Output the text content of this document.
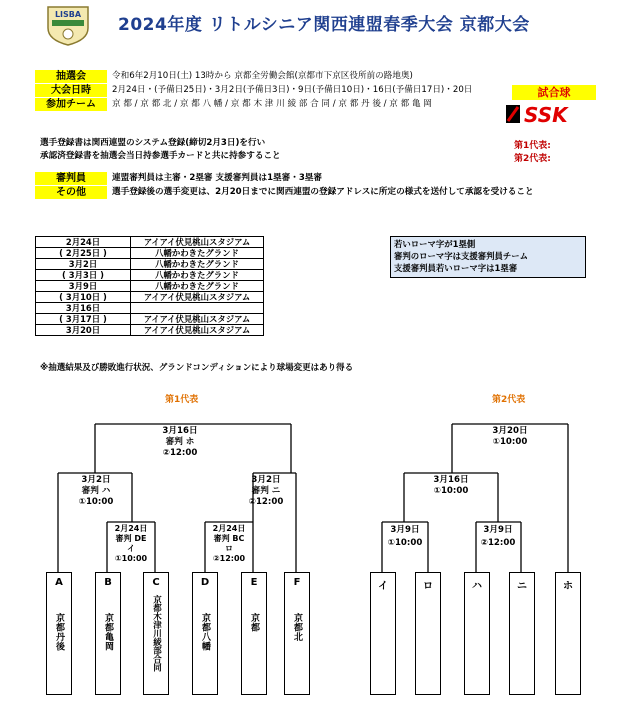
LISBA
2024年度 リトルシニア関西連盟春季大会 京都大会
抽選会	令和6年2月10日(土) 13時から 京都全労働会館(京都市下京区役所前の路地奥)
大会日時	2月24日・(予備日25日)・3月2日(予備日3日)・9日(予備日10日)・16日(予備日17日)・20日
参加チーム	京 都 / 京 都 北 / 京 都 八 幡 / 京 都 木 津 川 綾 部 合 同 / 京 都 丹 後 / 京 都 亀 岡
試合球
SSK
選手登録書は関西連盟のシステム登録(締切2月3日)を行い
承認済登録書を抽選会当日持参選手カードと共に持参すること
第1代表:
第2代表:
審判員	連盟審判員は主審・2塁審 支援審判員は1塁審・3塁審
その他	選手登録後の選手変更は、2月20日までに関西連盟の登録アドレスに所定の様式を送付して承認を受けること
2月24日	アイアイ伏見桃山スタジアム
( 2月25日 )	八幡かわきたグランド
3月2日	八幡かわきたグランド
( 3月3日 )	八幡かわきたグランド
3月9日	八幡かわきたグランド
( 3月10日 )	アイアイ伏見桃山スタジアム
3月16日	
( 3月17日 )	アイアイ伏見桃山スタジアム
3月20日	アイアイ伏見桃山スタジアム
若いローマ字が1塁側
審判のローマ字は支援審判員チーム
支援審判員若いローマ字は1塁審
※抽選結果及び勝敗進行状況、グランドコンディションにより球場変更はあり得る
第1代表
3月16日
審判 ホ
②12:00
3月2日
審判 ハ
①10:00
3月2日
審判 ニ
②12:00
2月24日
審判 DE
イ
①10:00
2月24日
審判 BC
ロ
②12:00
A
京都丹後
B
京都亀岡
C
京都木津川綾部合同
D
京都八幡
E
京都
F
京都北
第2代表
3月20日
①10:00
3月16日
①10:00
3月9日
①10:00
3月9日
②12:00
イ	ロ	ハ	ニ	ホ
